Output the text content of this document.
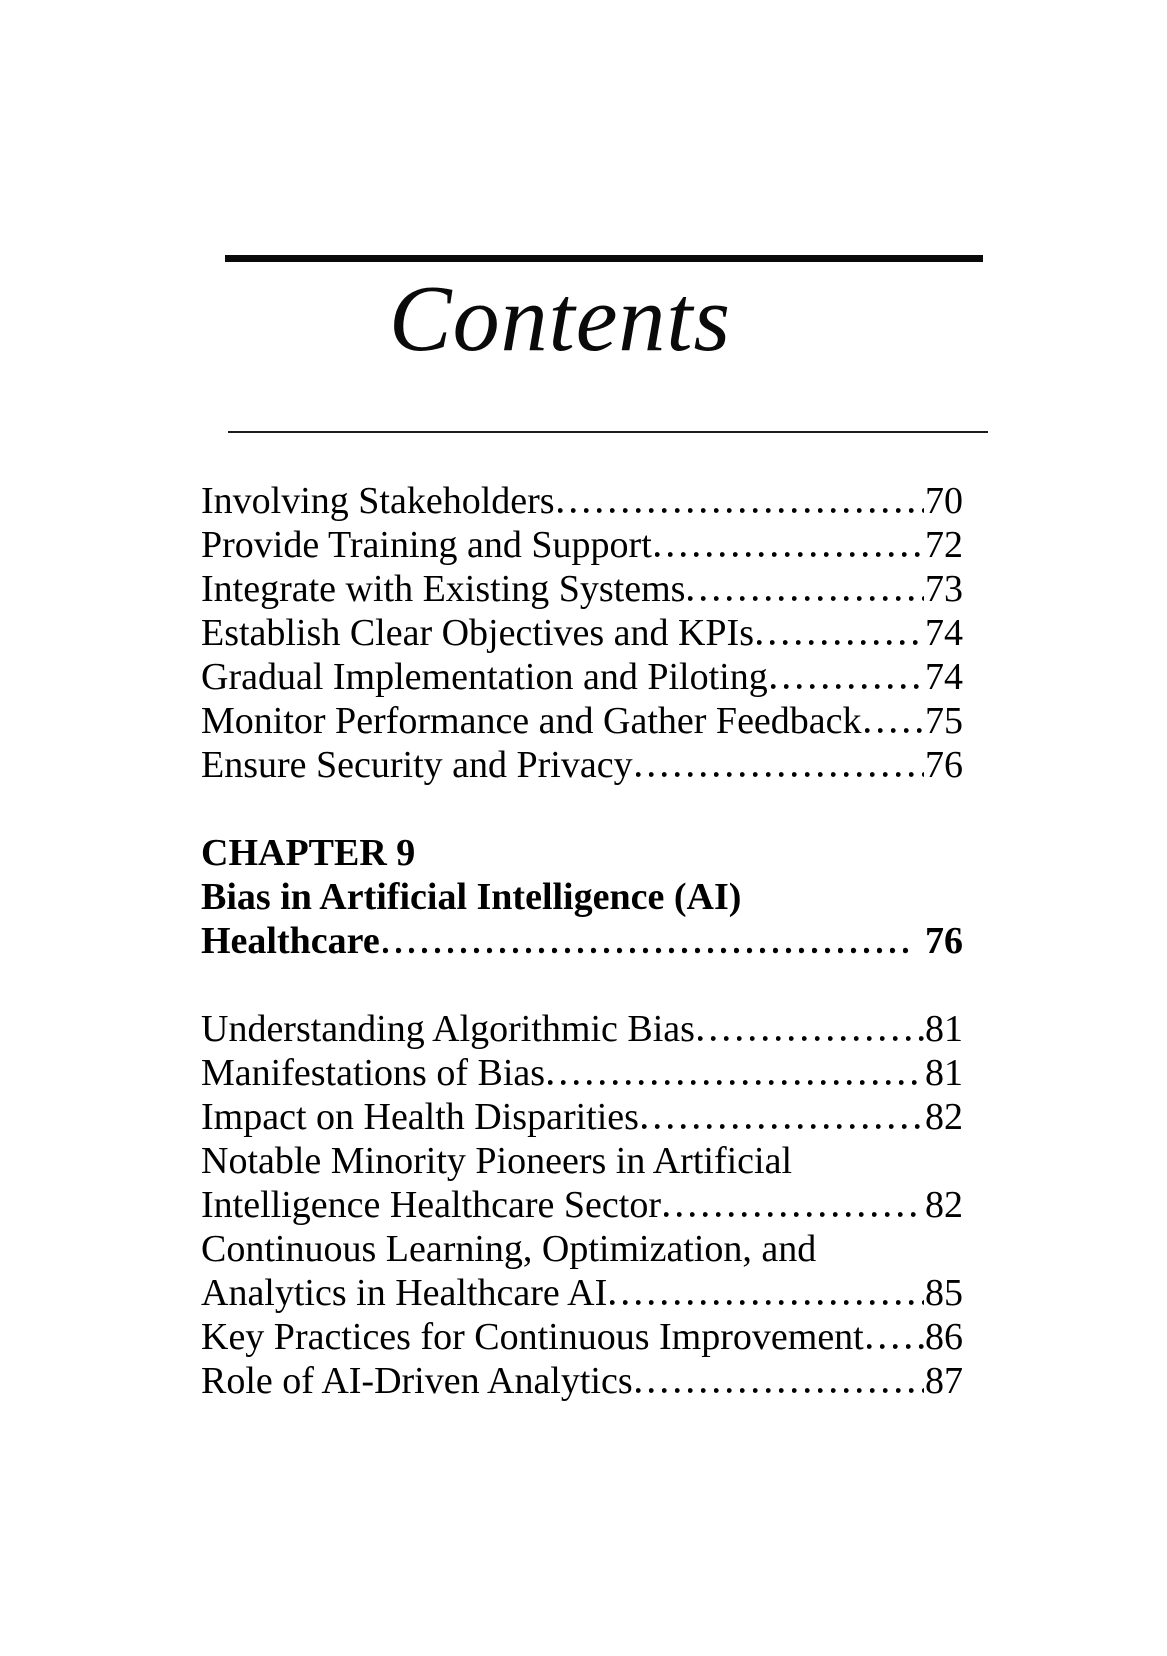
Contents
Involving Stakeholders	70
Provide Training and Support	72
Integrate with Existing Systems	73
Establish Clear Objectives and KPIs	74
Gradual Implementation and Piloting	74
Monitor Performance and Gather Feedback 75
Ensure Security and Privacy	76
CHAPTER 9
Bias in Artificial Intelligence (AI)
Healthcare	76
Understanding Algorithmic Bias	81
Manifestations of Bias	81
Impact on Health Disparities	82
Notable Minority Pioneers in Artificial
Intelligence Healthcare Sector	82
Continuous Learning, Optimization, and
Analytics in Healthcare AI	85
Key Practices for Continuous Improvement 86
Role of AI-Driven Analytics	87
